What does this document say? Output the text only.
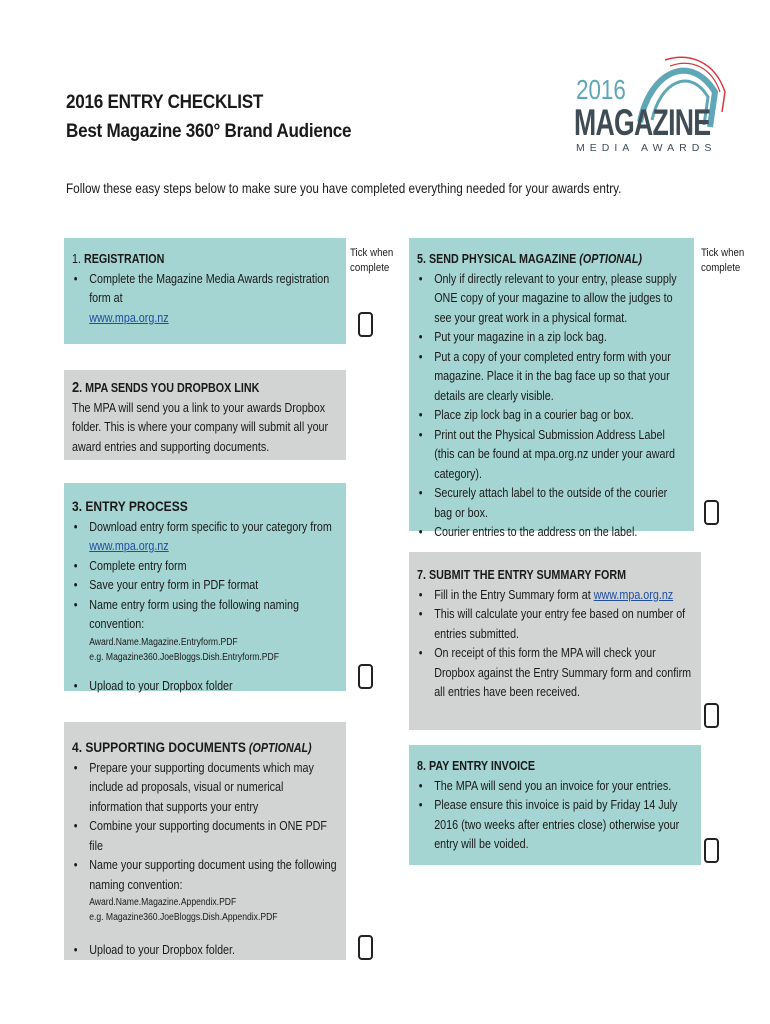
2016 ENTRY CHECKLIST
Best Magazine 360° Brand Audience
2016
MAGAZINE
MEDIA AWARDS
Follow these easy steps below to make sure you have completed everything needed for your awards entry.
Tick when complete
Tick when complete
1. REGISTRATION
• Complete the Magazine Media Awards registration form at
www.mpa.org.nz
2. MPA SENDS YOU DROPBOX LINK

The MPA will send you a link to your awards Dropbox folder. This is where your company will submit all your award entries and supporting documents.

3. ENTRY PROCESS
• Download entry form specific to your category from
www.mpa.org.nz
• Complete entry form
• Save your entry form in PDF format
• Name entry form using the following naming convention:
Award.Name.Magazine.Entryform.PDF
e.g. Magazine360.JoeBloggs.Dish.Entryform.PDF
• Upload to your Dropbox folder
4. SUPPORTING DOCUMENTS (OPTIONAL)
• Prepare your supporting documents which may include ad proposals, visual or numerical information that supports your entry
• Combine your supporting documents in ONE PDF file
• Name your supporting document using the following naming convention:
Award.Name.Magazine.Appendix.PDF
e.g. Magazine360.JoeBloggs.Dish.Appendix.PDF
• Upload to your Dropbox folder.
5. SEND PHYSICAL MAGAZINE (OPTIONAL)
• Only if directly relevant to your entry, please supply ONE copy of your magazine to allow the judges to see your great work in a physical format.
• Put your magazine in a zip lock bag.
• Put a copy of your completed entry form with your magazine. Place it in the bag face up so that your details are clearly visible.
• Place zip lock bag in a courier bag or box.
• Print out the Physical Submission Address Label (this can be found at mpa.org.nz under your award category).
• Securely attach label to the outside of the courier bag or box.
• Courier entries to the address on the label.
7. SUBMIT THE ENTRY SUMMARY FORM
• Fill in the Entry Summary form at www.mpa.org.nz
• This will calculate your entry fee based on number of entries submitted.
• On receipt of this form the MPA will check your Dropbox against the Entry Summary form and confirm all entries have been received.
8. PAY ENTRY INVOICE
• The MPA will send you an invoice for your entries.
• Please ensure this invoice is paid by Friday 14 July 2016 (two weeks after entries close) otherwise your entry will be voided.
